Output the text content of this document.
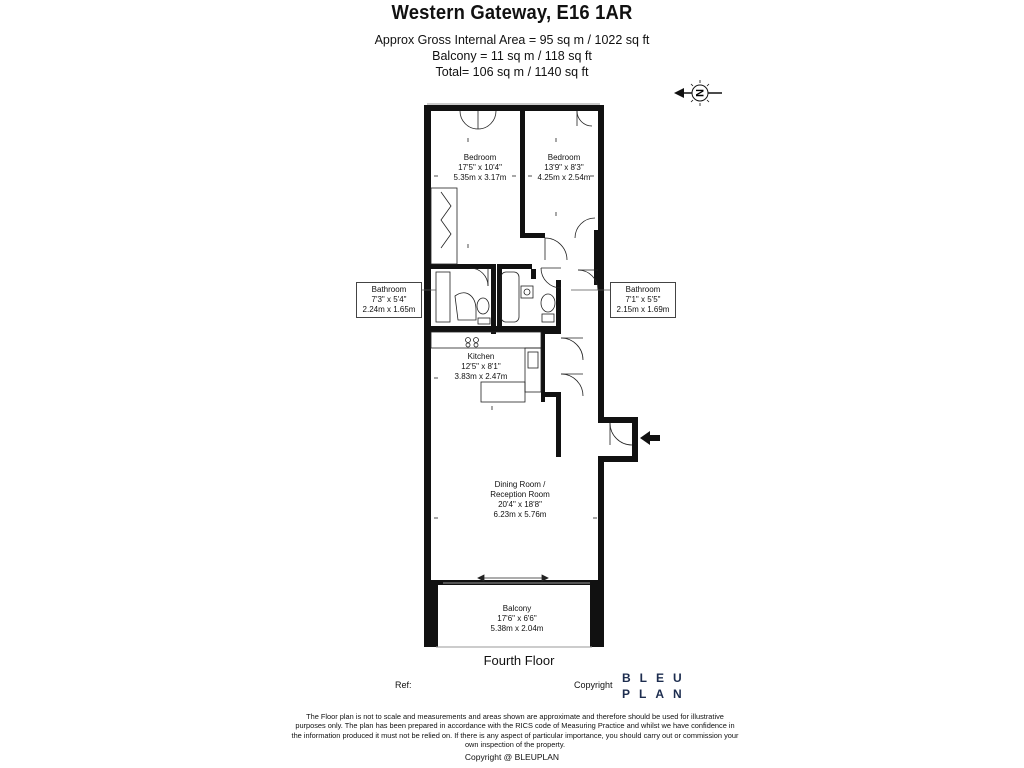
Western Gateway, E16 1AR
Approx Gross Internal Area = 95 sq m / 1022 sq ft
Balcony = 11 sq m / 118 sq ft
Total= 106 sq m / 1140 sq ft
N
Bedroom
17'5" x 10'4"
5.35m x 3.17m
Bedroom
13'9" x 8'3"
4.25m x 2.54m
Bathroom
7'3" x 5'4"
2.24m x 1.65m
Bathroom
7'1" x 5'5"
2.15m x 1.69m
Kitchen
12'5" x 8'1"
3.83m x 2.47m
Dining Room /
Reception Room
20'4" x 18'8"
6.23m x 5.76m
Balcony
17'6" x 6'6"
5.38m x 2.04m
Fourth Floor
Ref:	Copyright BLEU
PLAN
The Floor plan is not to scale and measurements and areas shown are approximate and therefore should be used for illustrative purposes only. The plan has been prepared in accordance with the RICS code of Measuring Practice and whilst we have confidence in the information produced it must not be relied on. If there is any aspect of particular importance, you should carry out or commission your own inspection of the property.
Copyright @ BLEUPLAN
